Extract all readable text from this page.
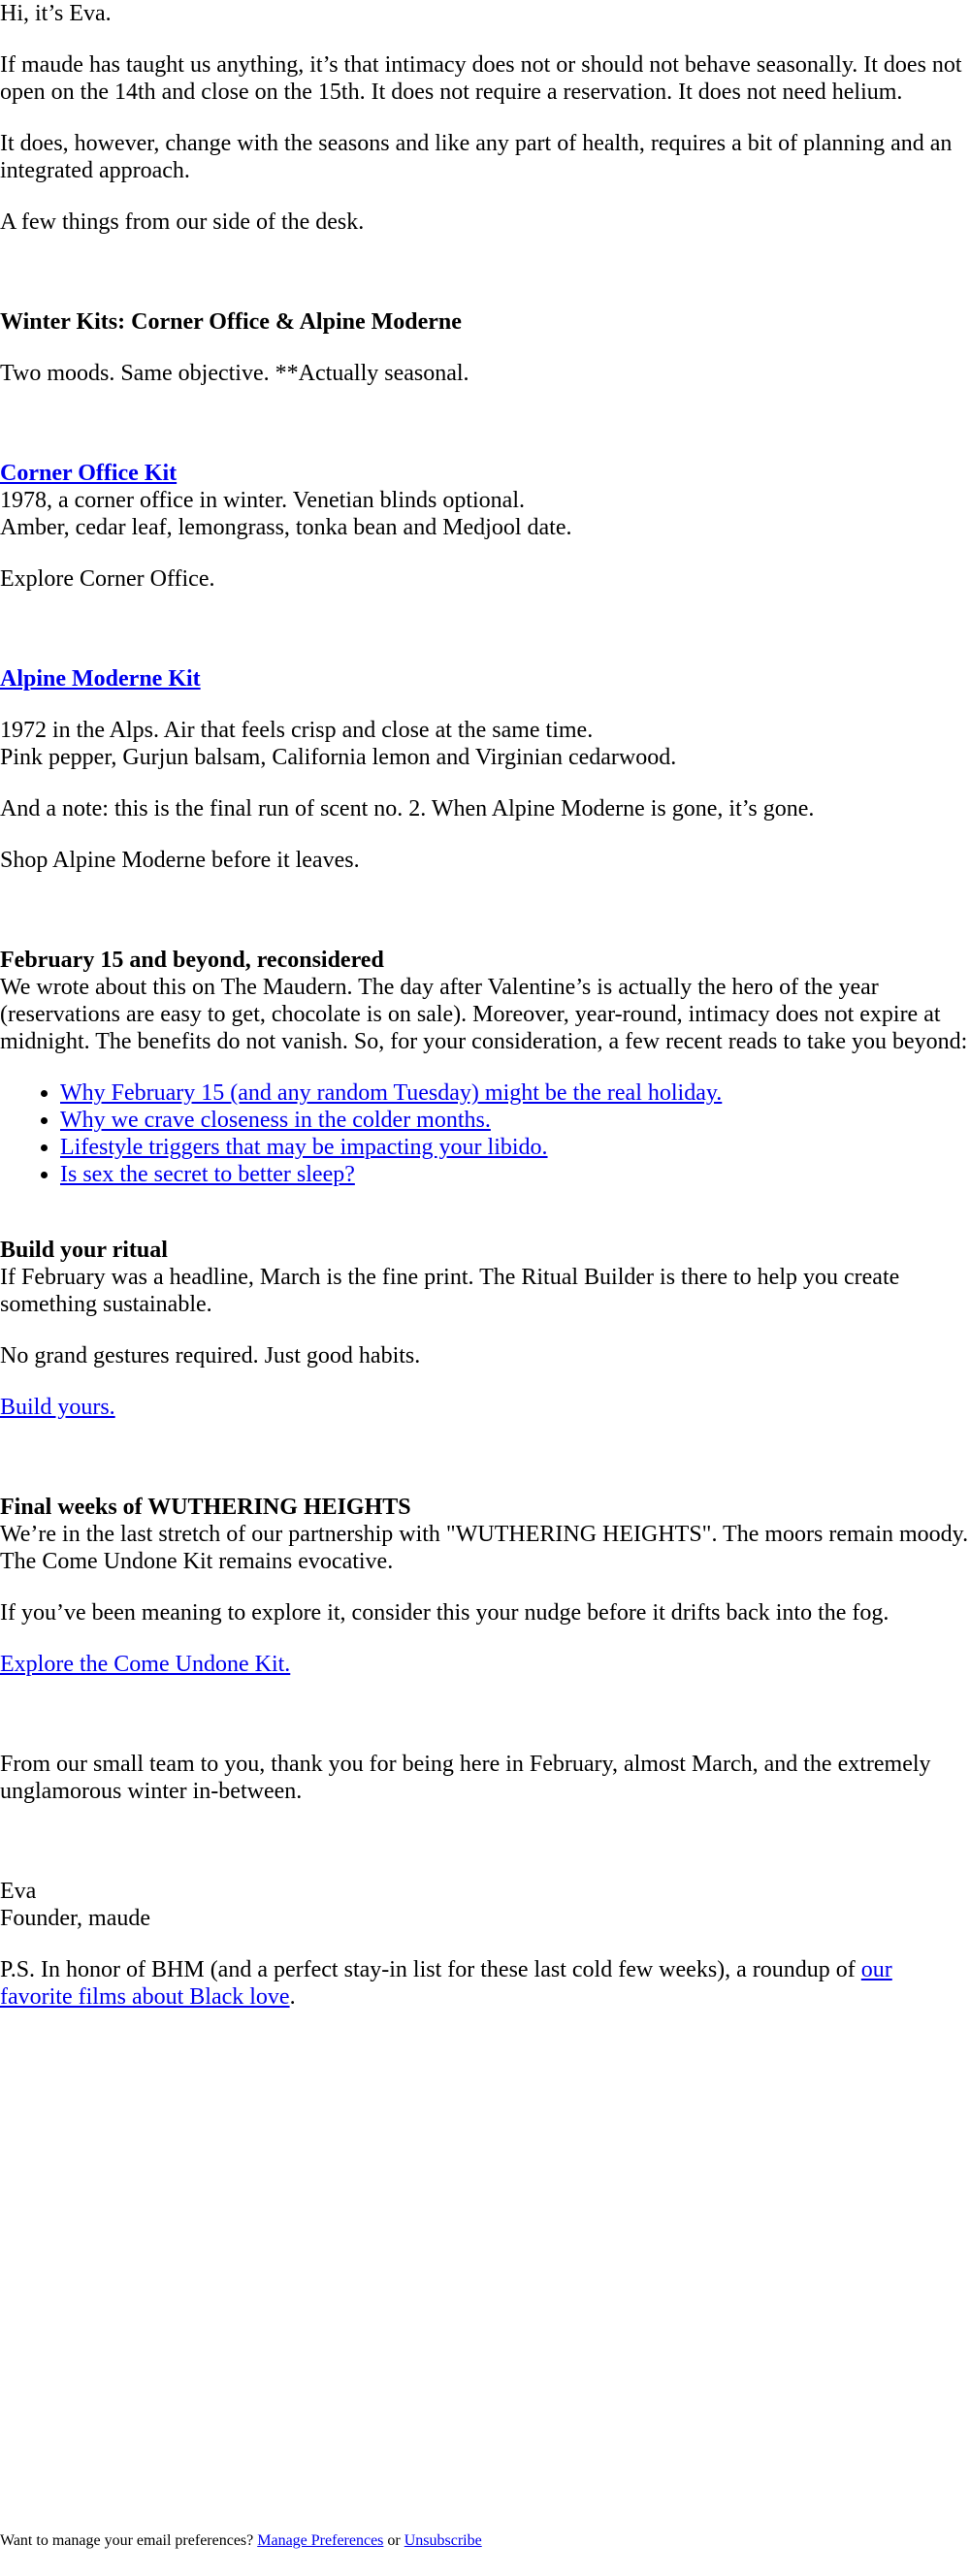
Hi, it’s Eva.

If maude has taught us anything, it’s that intimacy does not or should not behave seasonally. It does not open on the 14th and close on the 15th. It does not require a reservation. It does not need helium.

It does, however, change with the seasons and like any part of health, requires a bit of planning and an integrated approach.

A few things from our side of the desk.

Winter Kits: Corner Office & Alpine Moderne

Two moods. Same objective. **Actually seasonal.

Corner Office Kit
1978, a corner office in winter. Venetian blinds optional.

Amber, cedar leaf, lemongrass, tonka bean and Medjool date.

Explore Corner Office.

Alpine Moderne Kit

1972 in the Alps. Air that feels crisp and close at the same time.

Pink pepper, Gurjun balsam, California lemon and Virginian cedarwood.

And a note: this is the final run of scent no. 2. When Alpine Moderne is gone, it’s gone.

Shop Alpine Moderne before it leaves.

February 15 and beyond, reconsidered
We wrote about this on The Maudern. The day after Valentine’s is actually the hero of the year (reservations are easy to get, chocolate is on sale). Moreover, year-round, intimacy does not expire at midnight. The benefits do not vanish. So, for your consideration, a few recent reads to take you beyond:
• Why February 15 (and any random Tuesday) might be the real holiday.
• Why we crave closeness in the colder months.
• Lifestyle triggers that may be impacting your libido.
• Is sex the secret to better sleep?
Build your ritual

If February was a headline, March is the fine print. The Ritual Builder is there to help you create something sustainable.

No grand gestures required. Just good habits.

Build yours.

Final weeks of WUTHERING HEIGHTS

We’re in the last stretch of our partnership with "WUTHERING HEIGHTS". The moors remain moody. The Come Undone Kit remains evocative.

If you’ve been meaning to explore it, consider this your nudge before it drifts back into the fog.

Explore the Come Undone Kit.

From our small team to you, thank you for being here in February, almost March, and the extremely unglamorous winter in-between.

Eva

Founder, maude

P.S. In honor of BHM (and a perfect stay-in list for these last cold few weeks), a roundup of our favorite films about Black love.

Want to manage your email preferences? Manage Preferences or Unsubscribe
